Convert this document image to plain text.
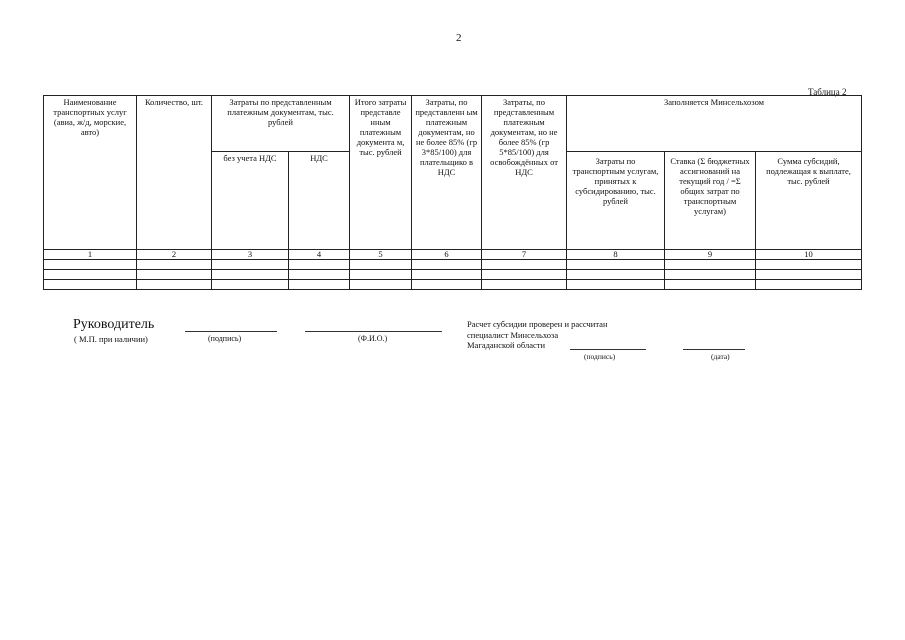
2
Таблица 2
Наименование транспортных услуг (авиа, ж/д, морские, авто)	Количество, шт.	Затраты по представленным платежным документам, тыс. рублей		Итого затраты представле нным платежным документа м, тыс. рублей	Затраты, по представленн ым платежным документам, но не более 85% (гр 3*85/100) для плательщико в НДС	Затраты, по представленным платежным документам, но не более 85% (гр 5*85/100) для освобождённых от НДС	Заполняется Минсельхозом		
		без учета НДС	НДС				Затраты по транспортным услугам, принятых к субсидированию, тыс. рублей	Ставка (Σ бюджетных ассигнований на текущий год / =Σ общих затрат по транспортным услугам)	Сумма субсидий, подлежащая к выплате, тыс. рублей
1	2	3	4	5	6	7	8	9	10

Руководитель
( М.П. при наличии)	(подпись)	(Ф.И.О.)
Расчет субсидии проверен и рассчитан
специалист Минсельхоза
Магаданской области
(подпись)	(дата)
